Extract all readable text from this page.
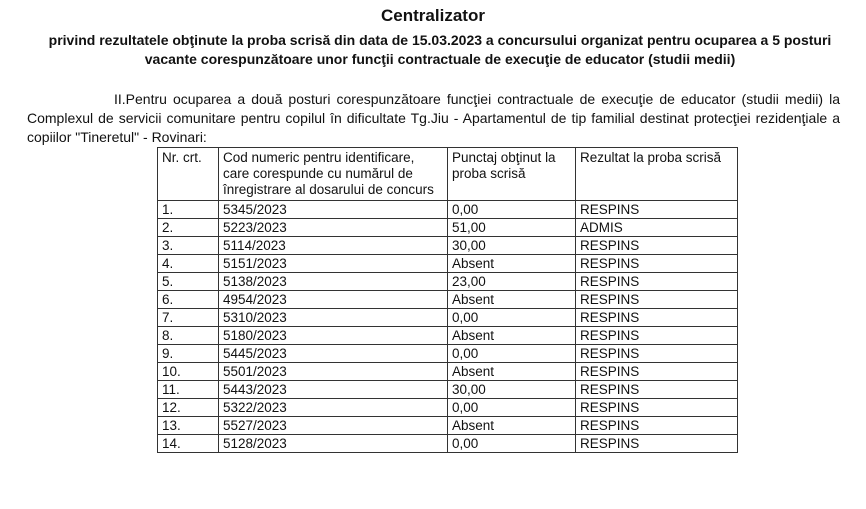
Centralizator
privind rezultatele obţinute la proba scrisă din data de 15.03.2023 a concursului organizat pentru ocuparea a 5 posturi vacante corespunzătoare unor funcţii contractuale de execuţie de educator (studii medii)
II.Pentru ocuparea a două posturi corespunzătoare funcţiei contractuale de execuţie de educator (studii medii) la Complexul de servicii comunitare pentru copilul în dificultate Tg.Jiu - Apartamentul de tip familial destinat protecţiei rezidenţiale a copiilor "Tineretul" - Rovinari:
Nr. crt.	Cod numeric pentru identificare, care corespunde cu numărul de înregistrare al dosarului de concurs	Punctaj obţinut la proba scrisă	Rezultat la proba scrisă
1.	5345/2023	0,00	RESPINS
2.	5223/2023	51,00	ADMIS
3.	5114/2023	30,00	RESPINS
4.	5151/2023	Absent	RESPINS
5.	5138/2023	23,00	RESPINS
6.	4954/2023	Absent	RESPINS
7.	5310/2023	0,00	RESPINS
8.	5180/2023	Absent	RESPINS
9.	5445/2023	0,00	RESPINS
10.	5501/2023	Absent	RESPINS
11.	5443/2023	30,00	RESPINS
12.	5322/2023	0,00	RESPINS
13.	5527/2023	Absent	RESPINS
14.	5128/2023	0,00	RESPINS
